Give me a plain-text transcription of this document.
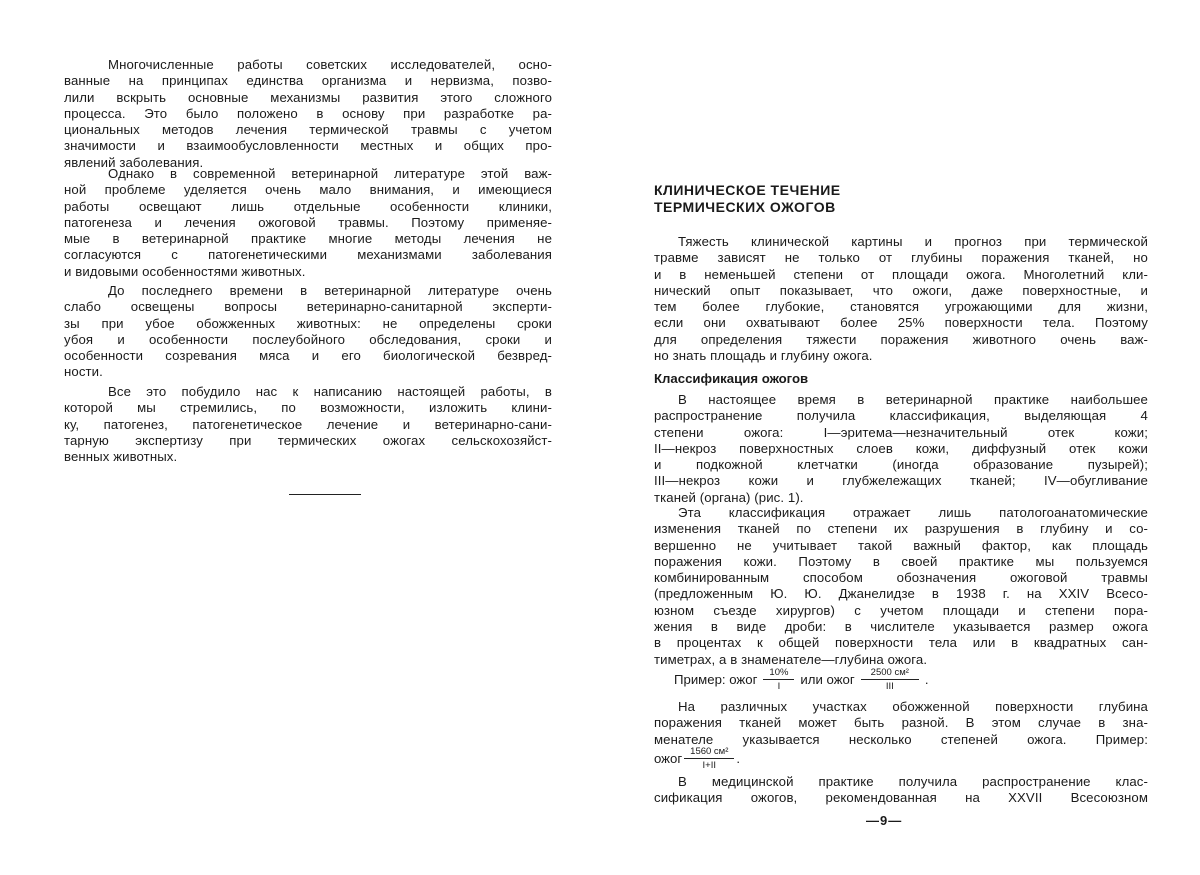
Многочисленные работы советских исследователей, осно-
ванные на принципах единства организма и нервизма, позво-
лили вскрыть основные механизмы развития этого сложного
процесса. Это было положено в основу при разработке ра-
циональных методов лечения термической травмы с учетом
значимости и взаимообусловленности местных и общих про-
явлений заболевания.

Однако в современной ветеринарной литературе этой важ-
ной проблеме уделяется очень мало внимания, и имеющиеся
работы освещают лишь отдельные особенности клиники,
патогенеза и лечения ожоговой травмы. Поэтому применяе-
мые в ветеринарной практике многие методы лечения не
согласуются с патогенетическими механизмами заболевания
и видовыми особенностями животных.

До последнего времени в ветеринарной литературе очень
слабо освещены вопросы ветеринарно-санитарной эксперти-
зы при убое обожженных животных: не определены сроки
убоя и особенности послеубойного обследования, сроки и
особенности созревания мяса и его биологической безвред-
ности.

Все это побудило нас к написанию настоящей работы, в
которой мы стремились, по возможности, изложить клини-
ку, патогенез, патогенетическое лечение и ветеринарно-сани-
тарную экспертизу при термических ожогах сельскохозяйст-
венных животных.

КЛИНИЧЕСКОЕ ТЕЧЕНИЕ
ТЕРМИЧЕСКИХ ОЖОГОВ

Тяжесть клинической картины и прогноз при термической
травме зависят не только от глубины поражения тканей, но
и в неменьшей степени от площади ожога. Многолетний кли-
нический опыт показывает, что ожоги, даже поверхностные, и
тем более глубокие, становятся угрожающими для жизни,
если они охватывают более 25% поверхности тела. Поэтому
для определения тяжести поражения животного очень важ-
но знать площадь и глубину ожога.

Классификация ожогов

В настоящее время в ветеринарной практике наибольшее
распространение получила классификация, выделяющая 4
степени ожога: I—эритема—незначительный отек кожи;
II—некроз поверхностных слоев кожи, диффузный отек кожи
и подкожной клетчатки (иногда образование пузырей);
III—некроз кожи и глубжележащих тканей; IV—обугливание
тканей (органа) (рис. 1).

Эта классификация отражает лишь патологоанатомические
изменения тканей по степени их разрушения в глубину и со-
вершенно не учитывает такой важный фактор, как площадь
поражения кожи. Поэтому в своей практике мы пользуемся
комбинированным способом обозначения ожоговой травмы
(предложенным Ю. Ю. Джанелидзе в 1938 г. на XXIV Всесо-
юзном съезде хирургов) с учетом площади и степени пора-
жения в виде дроби: в числителе указывается размер ожога
в процентах к общей поверхности тела или в квадратных сан-
тиметрах, а в знаменателе—глубина ожога.

Пример: ожог	10%
I или ожог	2500 см²
III .

На различных участках обожженной поверхности глубина
поражения тканей может быть разной. В этом случае в зна-
менателе указывается несколько степеней ожога. Пример:

ожог 1560 см²
I+II .

В медицинской практике получила распространение клас-
сификация ожогов, рекомендованная на XXVII Всесоюзном

—9—
